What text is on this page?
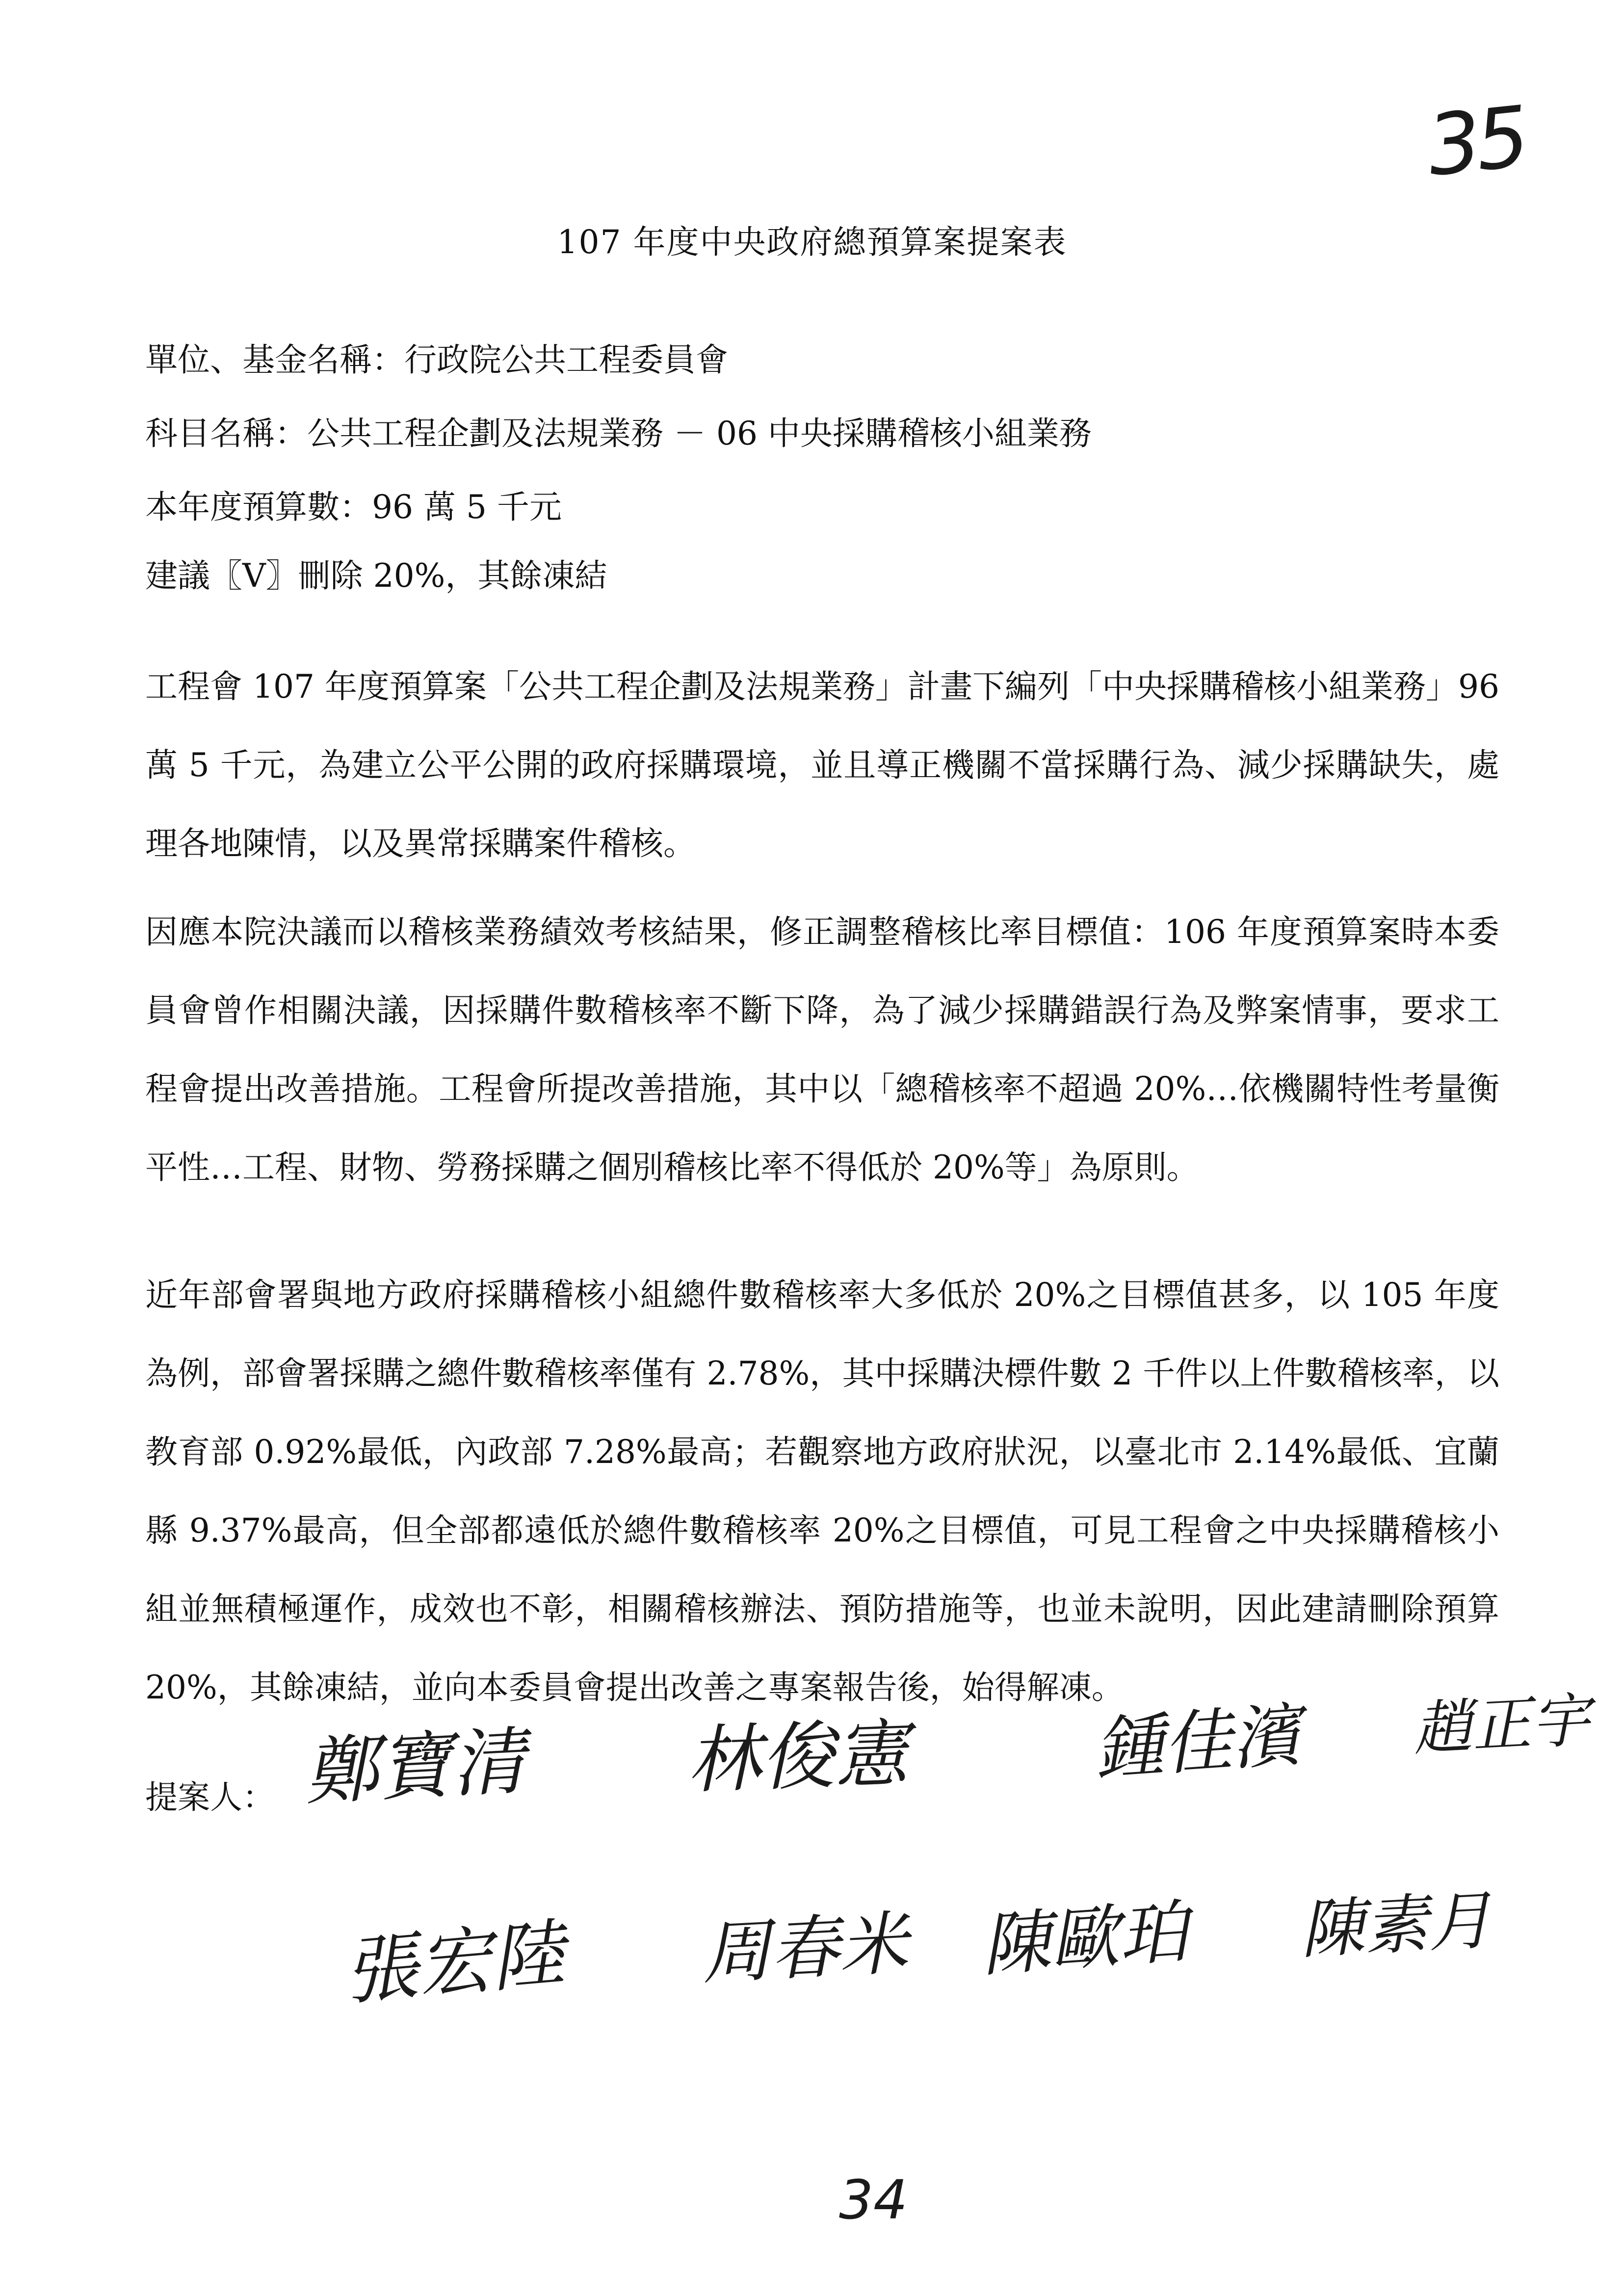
35
107 年度中央政府總預算案提案表
單位、基金名稱：行政院公共工程委員會
科目名稱：公共工程企劃及法規業務 － 06 中央採購稽核小組業務
本年度預算數：96 萬 5 千元
建議〖V〗刪除 20%，其餘凍結
工程會 107 年度預算案「公共工程企劃及法規業務」計畫下編列「中央採購稽核小組業務」96 萬 5 千元，為建立公平公開的政府採購環境，並且導正機關不當採購行為、減少採購缺失，處理各地陳情，以及異常採購案件稽核。
因應本院決議而以稽核業務績效考核結果，修正調整稽核比率目標值：106 年度預算案時本委員會曾作相關決議，因採購件數稽核率不斷下降，為了減少採購錯誤行為及弊案情事，要求工程會提出改善措施。工程會所提改善措施，其中以「總稽核率不超過 20%…依機關特性考量衡平性…工程、財物、勞務採購之個別稽核比率不得低於 20%等」為原則。
近年部會署與地方政府採購稽核小組總件數稽核率大多低於 20%之目標值甚多，以 105 年度為例，部會署採購之總件數稽核率僅有 2.78%，其中採購決標件數 2 千件以上件數稽核率，以教育部 0.92%最低，內政部 7.28%最高；若觀察地方政府狀況，以臺北市 2.14%最低、宜蘭縣 9.37%最高，但全部都遠低於總件數稽核率 20%之目標值，可見工程會之中央採購稽核小組並無積極運作，成效也不彰，相關稽核辦法、預防措施等，也並未說明，因此建請刪除預算 20%，其餘凍結，並向本委員會提出改善之專案報告後，始得解凍。
提案人： 鄭寶清 林俊憲	鍾佳濱 趙正宇
張宏陸 周春米 陳歐珀 陳素月
34
